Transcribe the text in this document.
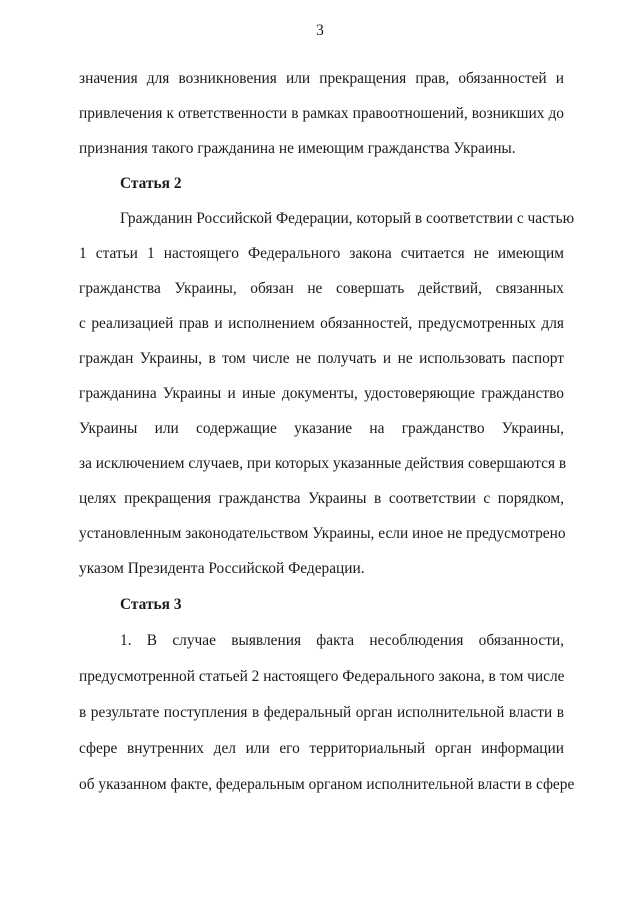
3
значения для возникновения или прекращения прав, обязанностей и
привлечения к ответственности в рамках правоотношений, возникших до
признания такого гражданина не имеющим гражданства Украины.
Статья 2
Гражданин Российской Федерации, который в соответствии с частью
1 статьи 1 настоящего Федерального закона считается не имеющим
гражданства Украины, обязан не совершать действий, связанных
с реализацией прав и исполнением обязанностей, предусмотренных для
граждан Украины, в том числе не получать и не использовать паспорт
гражданина Украины и иные документы, удостоверяющие гражданство
Украины или содержащие указание на гражданство Украины,
за исключением случаев, при которых указанные действия совершаются в
целях прекращения гражданства Украины в соответствии с порядком,
установленным законодательством Украины, если иное не предусмотрено
указом Президента Российской Федерации.
Статья 3
1. В случае выявления факта несоблюдения обязанности,
предусмотренной статьей 2 настоящего Федерального закона, в том числе
в результате поступления в федеральный орган исполнительной власти в
сфере внутренних дел или его территориальный орган информации
об указанном факте, федеральным органом исполнительной власти в сфере
